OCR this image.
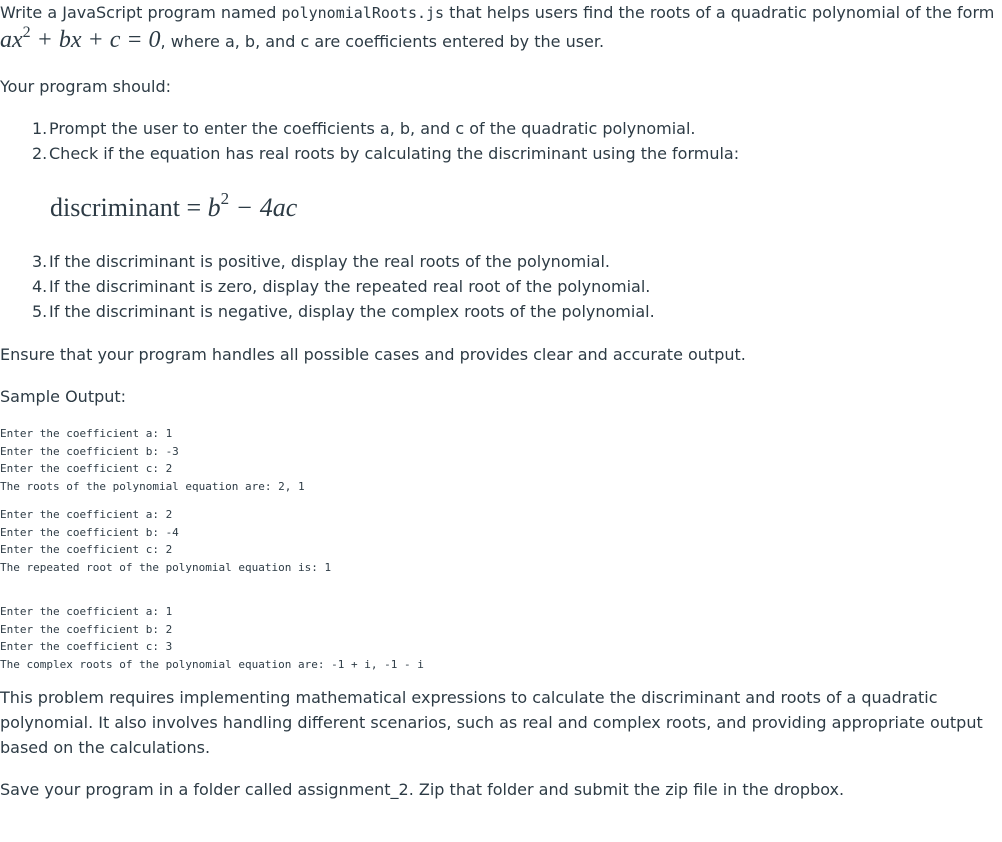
Write a JavaScript program named polynomialRoots.js that helps users find the roots of a quadratic polynomial of the form

$ax^2$ + bx + c = 0, where a, b, and c are coefficients entered by the user.

Your program should:

1. Prompt the user to enter the coefficients a, b, and c of the quadratic polynomial.
2. Check if the equation has real roots by calculating the discriminant using the formula:
discriminant = $b^2 - 4ac$
3. If the discriminant is positive, display the real roots of the polynomial.
4. If the discriminant is zero, display the repeated real root of the polynomial.
5. If the discriminant is negative, display the complex roots of the polynomial.

Ensure that your program handles all possible cases and provides clear and accurate output.

Sample Output:

Enter the coefficient a: 1
Enter the coefficient b: -3
Enter the coefficient c: 2
The roots of the polynomial equation are: 2, 1
Enter the coefficient a: 2
Enter the coefficient b: -4
Enter the coefficient c: 2
The repeated root of the polynomial equation is: 1
Enter the coefficient a: 1
Enter the coefficient b: 2
Enter the coefficient c: 3
The complex roots of the polynomial equation are: -1 + i, -1 - i

This problem requires implementing mathematical expressions to calculate the discriminant and roots of a quadratic polynomial. It also involves handling different scenarios, such as real and complex roots, and providing appropriate output based on the calculations.

Save your program in a folder called assignment_2. Zip that folder and submit the zip file in the dropbox.
